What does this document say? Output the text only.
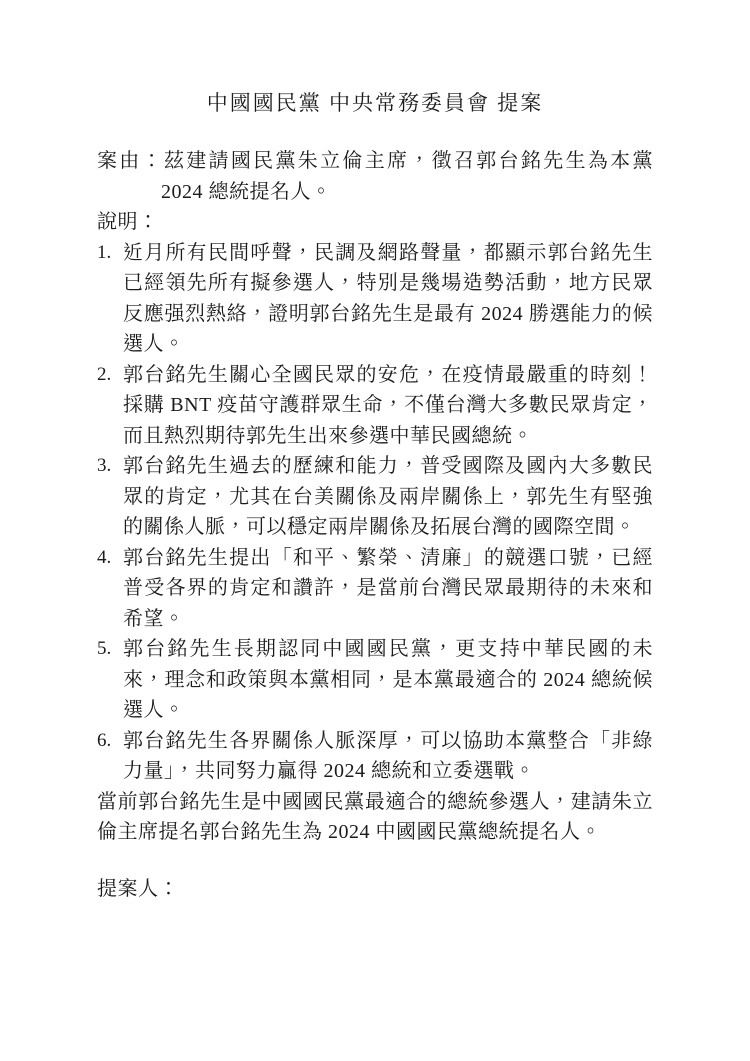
中國國民黨 中央常務委員會 提案
案由：茲建請國民黨朱立倫主席，徵召郭台銘先生為本黨 2024 總統提名人。
說明：
1. 近月所有民間呼聲，民調及網路聲量，都顯示郭台銘先生已經領先所有擬參選人，特別是幾場造勢活動，地方民眾反應强烈熱絡，證明郭台銘先生是最有 2024 勝選能力的候選人。
2. 郭台銘先生關心全國民眾的安危，在疫情最嚴重的時刻！採購 BNT 疫苗守護群眾生命，不僅台灣大多數民眾肯定，而且熱烈期待郭先生出來參選中華民國總統。
3. 郭台銘先生過去的歷練和能力，普受國際及國內大多數民眾的肯定，尤其在台美關係及兩岸關係上，郭先生有堅強的關係人脈，可以穩定兩岸關係及拓展台灣的國際空間。
4. 郭台銘先生提出「和平、繁榮、清廉」的競選口號，已經普受各界的肯定和讚許，是當前台灣民眾最期待的未來和希望。
5. 郭台銘先生長期認同中國國民黨，更支持中華民國的未來，理念和政策與本黨相同，是本黨最適合的 2024 總統候選人。
6. 郭台銘先生各界關係人脈深厚，可以協助本黨整合「非綠力量」，共同努力贏得 2024 總統和立委選戰。
當前郭台銘先生是中國國民黨最適合的總統參選人，建請朱立倫主席提名郭台銘先生為 2024 中國國民黨總統提名人。
提案人：
